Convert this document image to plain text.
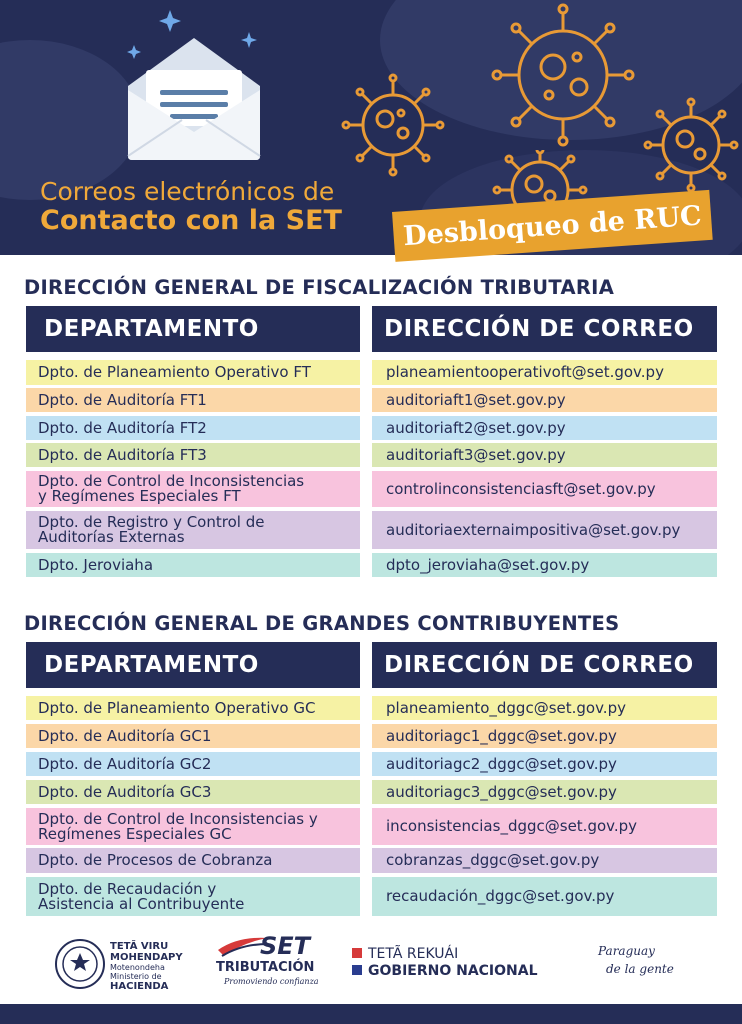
Correos electrónicos de
Contacto con la SET	Desbloqueo de RUC
DIRECCIÓN GENERAL DE FISCALIZACIÓN TRIBUTARIA
DEPARTAMENTO	DIRECCIÓN DE CORREO
Dpto. de Planeamiento Operativo FT	planeamientooperativoft@set.gov.py
Dpto. de Auditoría FT1	auditoriaft1@set.gov.py
Dpto. de Auditoría FT2	auditoriaft2@set.gov.py
Dpto. de Auditoría FT3	auditoriaft3@set.gov.py
Dpto. de Control de Inconsistencias
y Regímenes Especiales FT	controlinconsistenciasft@set.gov.py
Dpto. de Registro y Control de
Auditorías Externas	auditoriaexternaimpositiva@set.gov.py
Dpto. Jeroviaha	dpto_jeroviaha@set.gov.py
DIRECCIÓN GENERAL DE GRANDES CONTRIBUYENTES
DEPARTAMENTO	DIRECCIÓN DE CORREO
Dpto. de Planeamiento Operativo GC	planeamiento_dggc@set.gov.py
Dpto. de Auditoría GC1	auditoriagc1_dggc@set.gov.py
Dpto. de Auditoría GC2	auditoriagc2_dggc@set.gov.py
Dpto. de Auditoría GC3	auditoriagc3_dggc@set.gov.py
Dpto. de Control de Inconsistencias y
Regímenes Especiales GC	inconsistencias_dggc@set.gov.py
Dpto. de Procesos de Cobranza	cobranzas_dggc@set.gov.py
Dpto. de Recaudación y
Asistencia al Contribuyente	recaudación_dggc@set.gov.py
TETÃ VIRU
MOHENDAPY
Motenondeha
Ministerio de
HACIENDA
SET
TRIBUTACIÓN
Promoviendo confianza
TETÃ REKUÁI
GOBIERNO NACIONAL
Paraguay
de la gente
